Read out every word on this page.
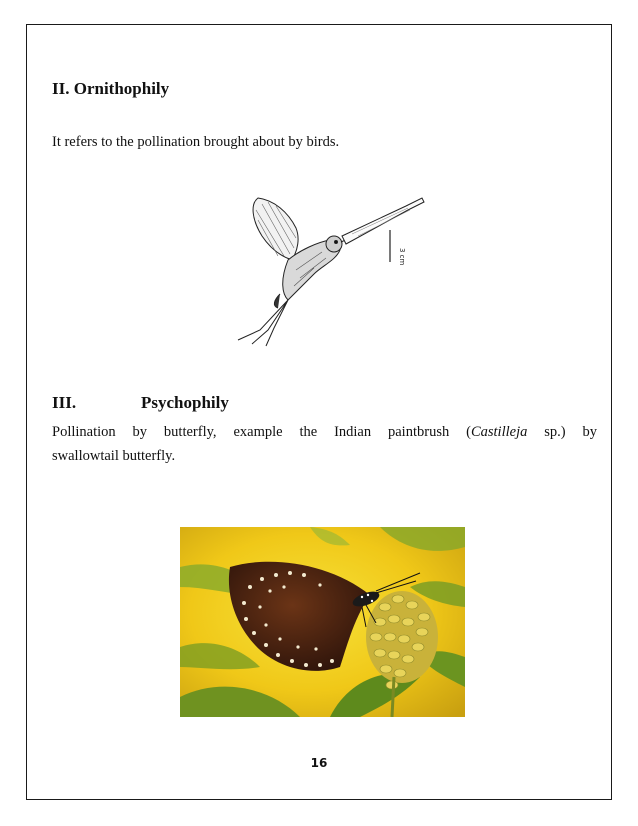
II. Ornithophily
It refers to the pollination brought about by birds.
3 cm
III.	Psychophily
Pollination by butterfly, example the Indian paintbrush (Castilleja sp.) by
swallowtail butterfly.
16
